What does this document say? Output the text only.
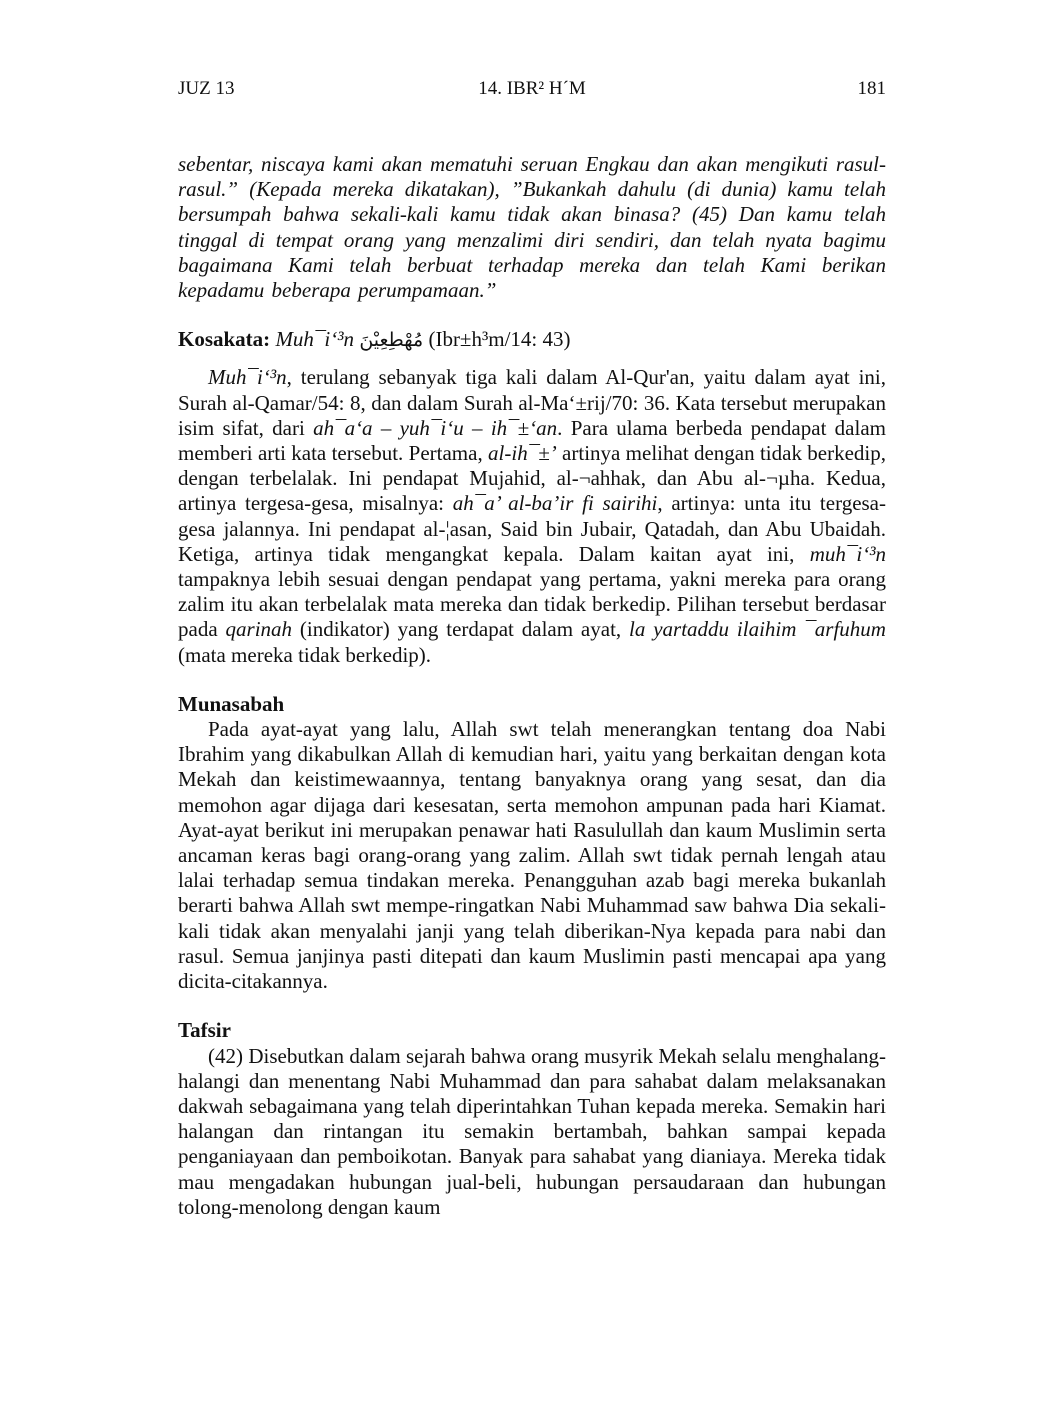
JUZ 13	14. IBR² H´M	181

sebentar, niscaya kami akan mematuhi seruan Engkau dan akan mengikuti rasul-rasul.” (Kepada mereka dikatakan), ”Bukankah dahulu (di dunia) kamu telah bersumpah bahwa sekali-kali kamu tidak akan binasa? (45) Dan kamu telah tinggal di tempat orang yang menzalimi diri sendiri, dan telah nyata bagimu bagaimana Kami telah berbuat terhadap mereka dan telah Kami berikan kepadamu beberapa perumpamaan.”

Kosakata: Muh¯i‘³n مُهْطِعِيْنَ (Ibr±h³m/14: 43)

Muh¯i‘³n, terulang sebanyak tiga kali dalam Al-Qur'an, yaitu dalam ayat ini, Surah al-Qamar/54: 8, dan dalam Surah al-Ma‘±rij/70: 36. Kata tersebut merupakan isim sifat, dari ah¯a‘a – yuh¯i‘u – ih¯±‘an. Para ulama berbeda pendapat dalam memberi arti kata tersebut. Pertama, al-ih¯±’ artinya melihat dengan tidak berkedip, dengan terbelalak. Ini pendapat Mujahid, al-¬ahhak, dan Abu al-¬µha. Kedua, artinya tergesa-gesa, misalnya: ah¯a’ al-ba’ir fi sairihi, artinya: unta itu tergesa-gesa jalannya. Ini pendapat al-¦asan, Said bin Jubair, Qatadah, dan Abu Ubaidah. Ketiga, artinya tidak mengangkat kepala. Dalam kaitan ayat ini, muh¯i‘³n tampaknya lebih sesuai dengan pendapat yang pertama, yakni mereka para orang zalim itu akan terbelalak mata mereka dan tidak berkedip. Pilihan tersebut berdasar pada qarinah (indikator) yang terdapat dalam ayat, la yartaddu ilaihim ¯arfuhum (mata mereka tidak berkedip).

Munasabah

Pada ayat-ayat yang lalu, Allah swt telah menerangkan tentang doa Nabi Ibrahim yang dikabulkan Allah di kemudian hari, yaitu yang berkaitan dengan kota Mekah dan keistimewaannya, tentang banyaknya orang yang sesat, dan dia memohon agar dijaga dari kesesatan, serta memohon ampunan pada hari Kiamat. Ayat-ayat berikut ini merupakan penawar hati Rasulullah dan kaum Muslimin serta ancaman keras bagi orang-orang yang zalim. Allah swt tidak pernah lengah atau lalai terhadap semua tindakan mereka. Penangguhan azab bagi mereka bukanlah berarti bahwa Allah swt mempe-ringatkan Nabi Muhammad saw bahwa Dia sekali-kali tidak akan menyalahi janji yang telah diberikan-Nya kepada para nabi dan rasul. Semua janjinya pasti ditepati dan kaum Muslimin pasti mencapai apa yang dicita-citakannya.

Tafsir

(42) Disebutkan dalam sejarah bahwa orang musyrik Mekah selalu menghalang-halangi dan menentang Nabi Muhammad dan para sahabat dalam melaksanakan dakwah sebagaimana yang telah diperintahkan Tuhan kepada mereka. Semakin hari halangan dan rintangan itu semakin bertambah, bahkan sampai kepada penganiayaan dan pemboikotan. Banyak para sahabat yang dianiaya. Mereka tidak mau mengadakan hubungan jual-beli, hubungan persaudaraan dan hubungan tolong-menolong dengan kaum
